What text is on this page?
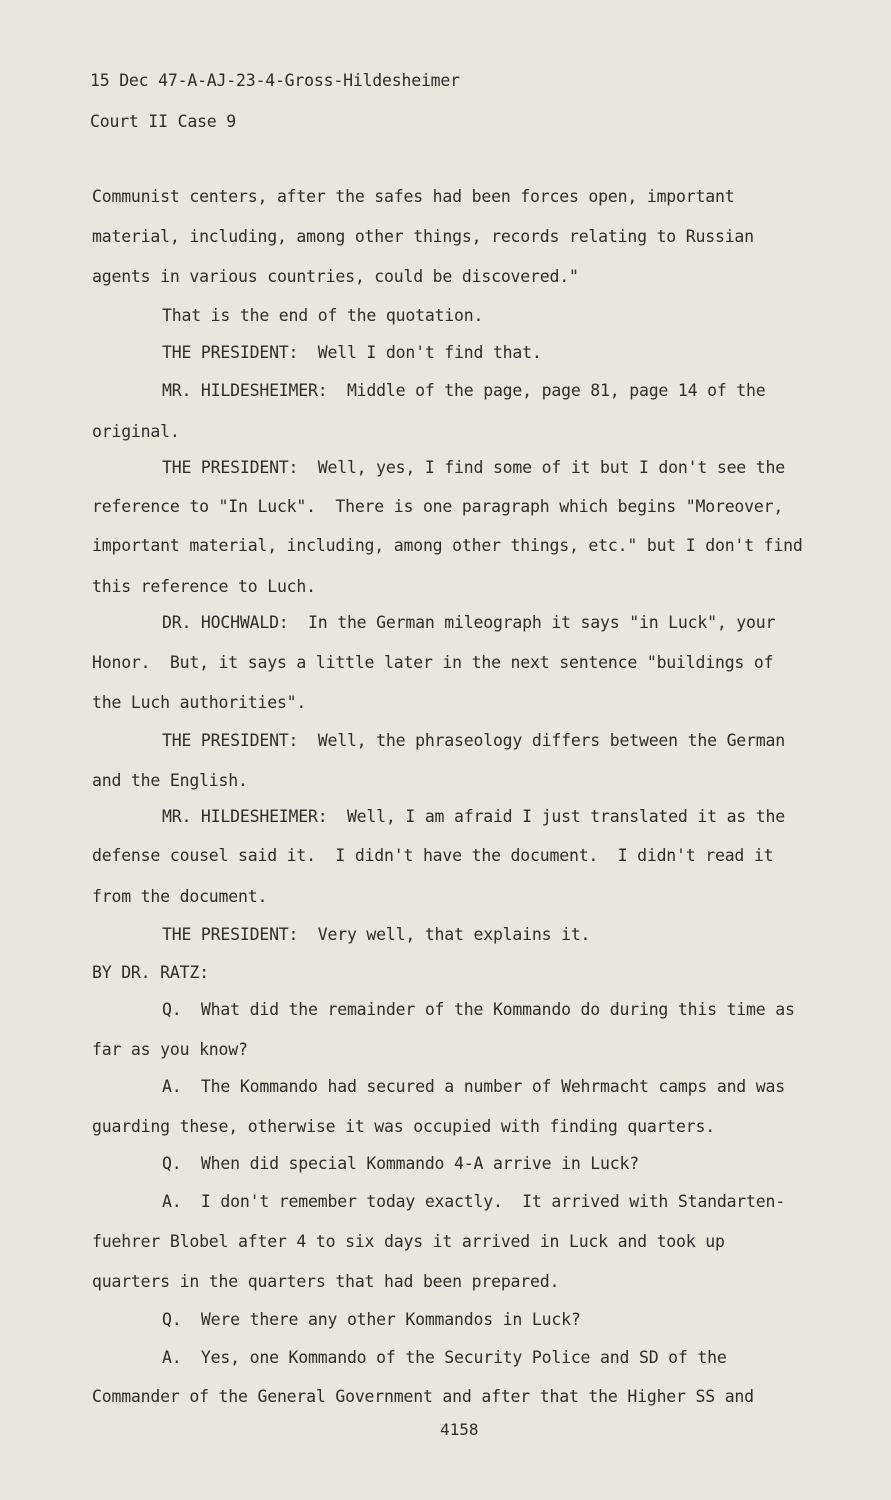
15 Dec 47-A-AJ-23-4-Gross-Hildesheimer
Court II Case 9
Communist centers, after the safes had been forces open, important
material, including, among other things, records relating to Russian
agents in various countries, could be discovered."
That is the end of the quotation.
THE PRESIDENT:  Well I don't find that.
MR. HILDESHEIMER:  Middle of the page, page 81, page 14 of the
original.
THE PRESIDENT:  Well, yes, I find some of it but I don't see the
reference to "In Luck".  There is one paragraph which begins "Moreover,
important material, including, among other things, etc." but I don't find
this reference to Luch.
DR. HOCHWALD:  In the German mileograph it says "in Luck", your
Honor.  But, it says a little later in the next sentence "buildings of
the Luch authorities".
THE PRESIDENT:  Well, the phraseology differs between the German
and the English.
MR. HILDESHEIMER:  Well, I am afraid I just translated it as the
defense cousel said it.  I didn't have the document.  I didn't read it
from the document.
THE PRESIDENT:  Very well, that explains it.
BY DR. RATZ:
Q.  What did the remainder of the Kommando do during this time as
far as you know?
A.  The Kommando had secured a number of Wehrmacht camps and was
guarding these, otherwise it was occupied with finding quarters.
Q.  When did special Kommando 4-A arrive in Luck?
A.  I don't remember today exactly.  It arrived with Standarten-
fuehrer Blobel after 4 to six days it arrived in Luck and took up
quarters in the quarters that had been prepared.
Q.  Were there any other Kommandos in Luck?
A.  Yes, one Kommando of the Security Police and SD of the
Commander of the General Government and after that the Higher SS and
4158
